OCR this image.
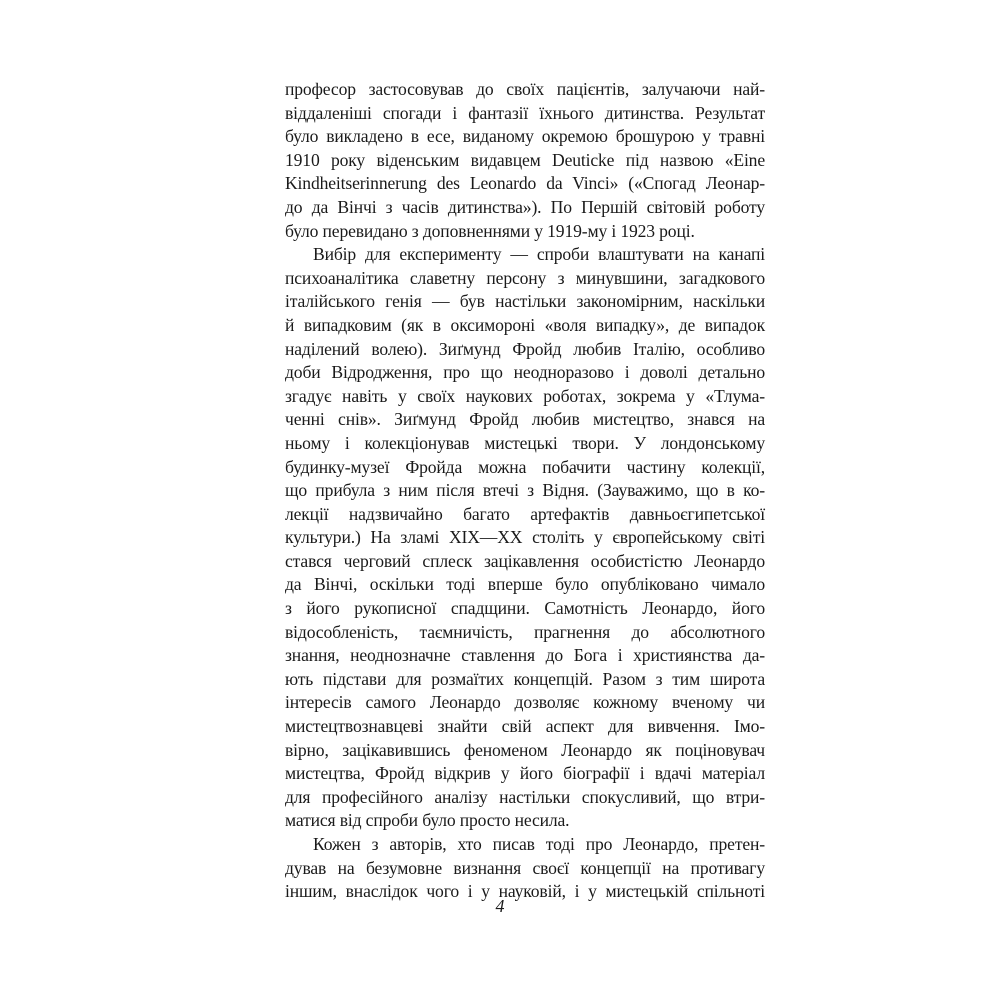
професор застосовував до своїх пацієнтів, залучаючи най-
віддаленіші спогади і фантазії їхнього дитинства. Результат
було викладено в есе, виданому окремою брошурою у травні
1910 року віденським видавцем Deuticke під назвою «Eine
Kindheitserinnerung des Leonardo da Vinci» («Спогад Леонар-
до да Вінчі з часів дитинства»). По Першій світовій роботу
було перевидано з доповненнями у 1919-му і 1923 році.

Вибір для експерименту — спроби влаштувати на канапі
психоаналітика славетну персону з минувшини, загадкового
італійського генія — був настільки закономірним, наскільки
й випадковим (як в оксимороні «воля випадку», де випадок
наділений волею). Зиґмунд Фройд любив Італію, особливо
доби Відродження, про що неодноразово і доволі детально
згадує навіть у своїх наукових роботах, зокрема у «Тлума-
ченні снів». Зиґмунд Фройд любив мистецтво, знався на
ньому і колекціонував мистецькі твори. У лондонському
будинку-музеї Фройда можна побачити частину колекції,
що прибула з ним після втечі з Відня. (Зауважимо, що в ко-
лекції надзвичайно багато артефактів давньоєгипетської
культури.) На зламі XIX—XX століть у європейському світі
стався черговий сплеск зацікавлення особистістю Леонардо
да Вінчі, оскільки тоді вперше було опубліковано чимало
з його рукописної спадщини. Самотність Леонардо, його
відособленість, таємничість, прагнення до абсолютного
знання, неоднозначне ставлення до Бога і християнства да-
ють підстави для розмаїтих концепцій. Разом з тим широта
інтересів самого Леонардо дозволяє кожному вченому чи
мистецтвознавцеві знайти свій аспект для вивчення. Імо-
вірно, зацікавившись феноменом Леонардо як поціновувач
мистецтва, Фройд відкрив у його біографії і вдачі матеріал
для професійного аналізу настільки спокусливий, що втри-
матися від спроби було просто несила.

Кожен з авторів, хто писав тоді про Леонардо, претен-
дував на безумовне визнання своєї концепції на противагу
іншим, внаслідок чого і у науковій, і у мистецькій спільноті

4
